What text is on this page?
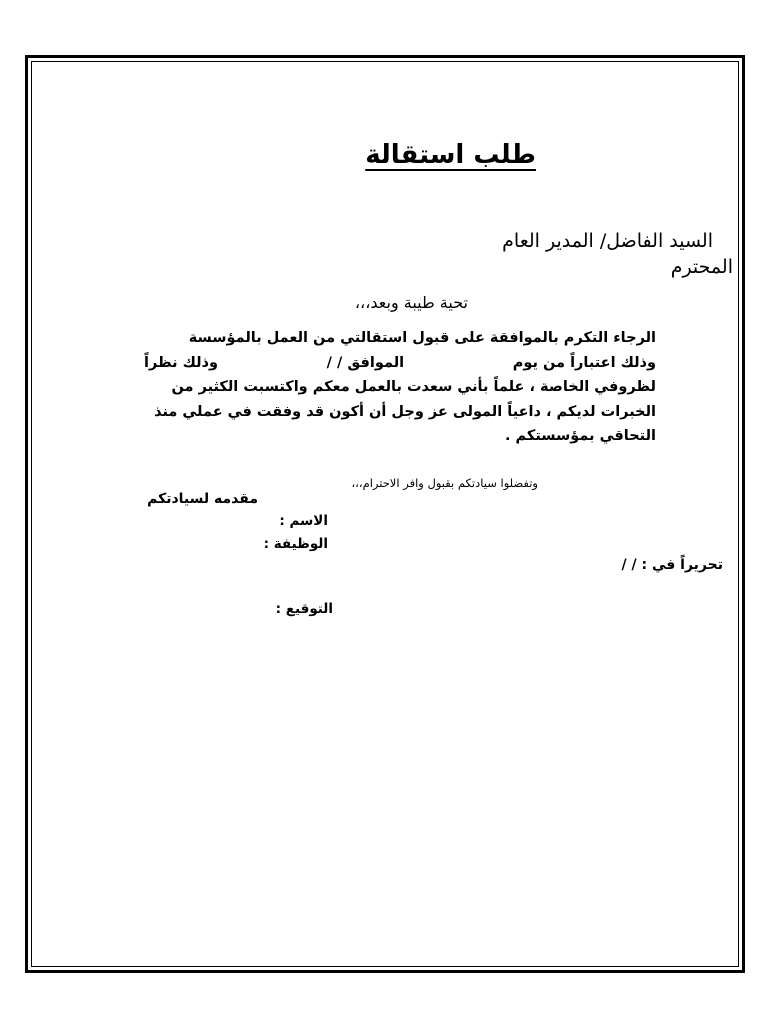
طلب استقالة

السيد الفاضل/ المدير العام

المحترم

تحية طيبة وبعد،،،

الرجاء التكرم بالموافقة على قبول استقالتي من العمل بالمؤسسة
وذلك اعتباراً من يوم
الموافق / /
وذلك نظراً
لظروفي الخاصة ، علماً بأني سعدت بالعمل معكم واكتسبت الكثير من
الخبرات لديكم ، داعياً المولى عز وجل أن أكون قد وفقت في عملي منذ
التحاقي بمؤسستكم .

وتفضلوا سيادتكم بقبول وافر الاحترام،،،

مقدمه لسيادتكم

الاسم :

الوظيفة :

تحريراً في : / /

التوقيع :
